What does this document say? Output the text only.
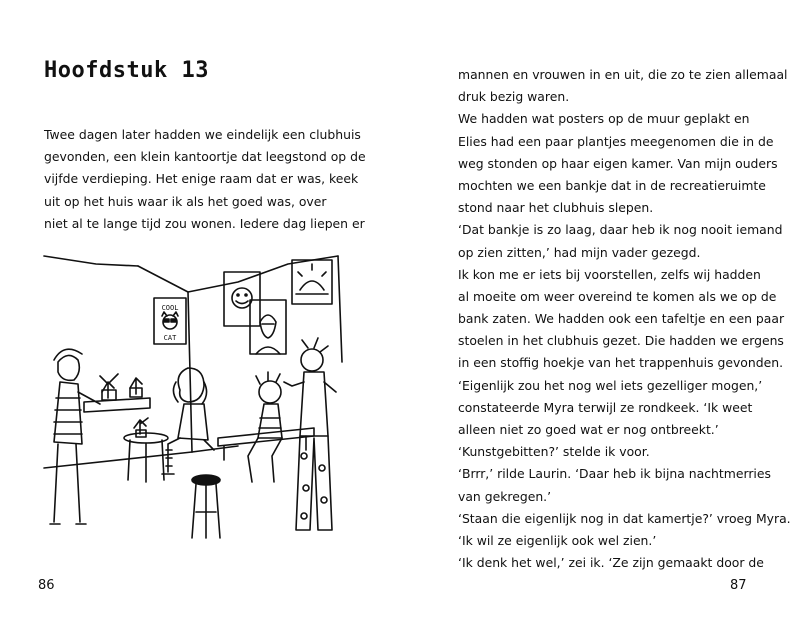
Hoofdstuk 13
Twee dagen later hadden we eindelijk een clubhuis
gevonden, een klein kantoortje dat leegstond op de
vijfde verdieping. Het enige raam dat er was, keek
uit op het huis waar ik als het goed was, over
niet al te lange tijd zou wonen. Iedere dag liepen er
COOL
CAT
86
mannen en vrouwen in en uit, die zo te zien allemaal
druk bezig waren.
We hadden wat posters op de muur geplakt en
Elies had een paar plantjes meegenomen die in de
weg stonden op haar eigen kamer. Van mijn ouders
mochten we een bankje dat in de recreatieruimte
stond naar het clubhuis slepen.
‘Dat bankje is zo laag, daar heb ik nog nooit iemand
op zien zitten,’ had mijn vader gezegd.
Ik kon me er iets bij voorstellen, zelfs wij hadden
al moeite om weer overeind te komen als we op de
bank zaten. We hadden ook een tafeltje en een paar
stoelen in het clubhuis gezet. Die hadden we ergens
in een stoffig hoekje van het trappenhuis gevonden.
‘Eigenlijk zou het nog wel iets gezelliger mogen,’
constateerde Myra terwijl ze rondkeek. ‘Ik weet
alleen niet zo goed wat er nog ontbreekt.’
‘Kunstgebitten?’ stelde ik voor.
‘Brrr,’ rilde Laurin. ‘Daar heb ik bijna nachtmerries
van gekregen.’
‘Staan die eigenlijk nog in dat kamertje?’ vroeg Myra.
‘Ik wil ze eigenlijk ook wel zien.’
‘Ik denk het wel,’ zei ik. ‘Ze zijn gemaakt door de
87
